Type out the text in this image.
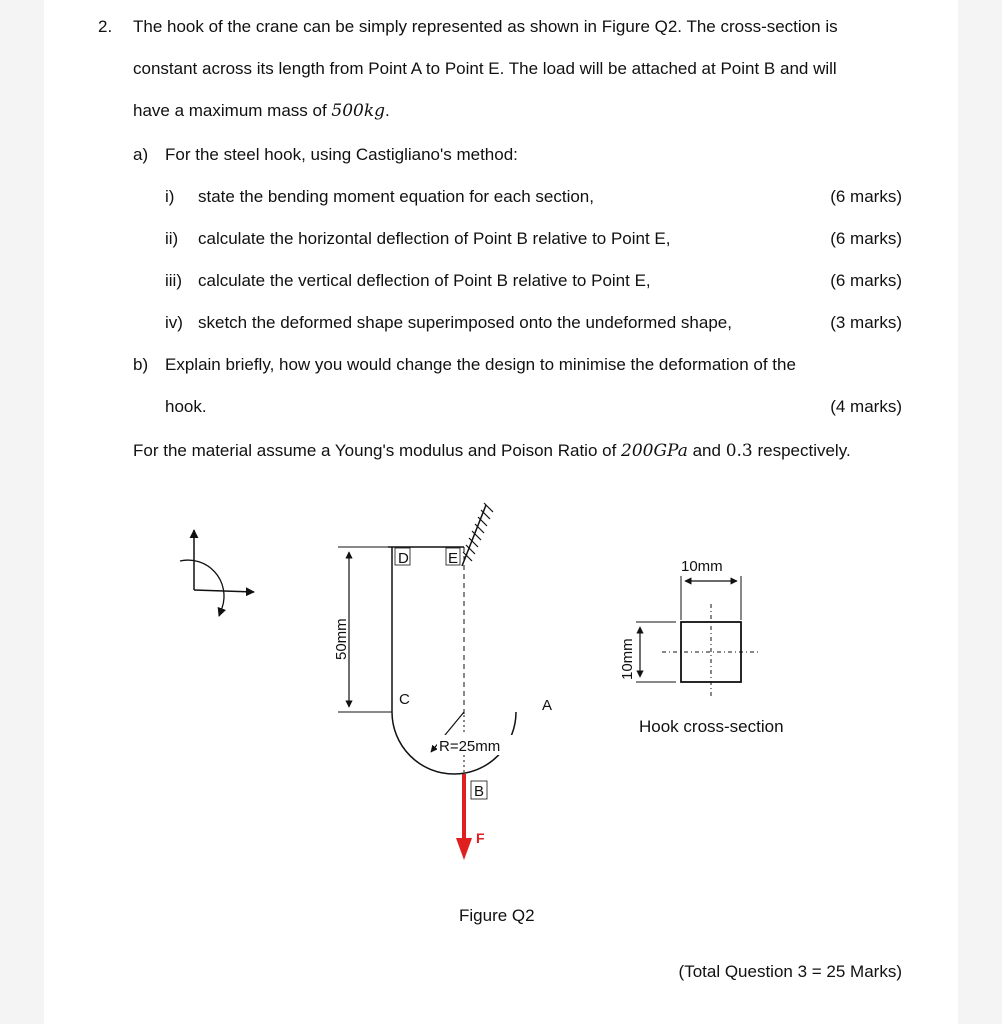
2. The hook of the crane can be simply represented as shown in Figure Q2. The cross-section is
constant across its length from Point A to Point E. The load will be attached at Point B and will
have a maximum mass of 500kg.
a) For the steel hook, using Castigliano's method:
i) state the bending moment equation for each section,	(6 marks)
ii) calculate the horizontal deflection of Point B relative to Point E,	(6 marks)
iii) calculate the vertical deflection of Point B relative to Point E,	(6 marks)
iv) sketch the deformed shape superimposed onto the undeformed shape,	(3 marks)
b) Explain briefly, how you would change the design to minimise the deformation of the
hook.	(4 marks)
For the material assume a Young's modulus and Poison Ratio of 200GPa and 0.3 respectively.
D	E
C	A
50mm
R=25mm
B
F
10mm
10mm
Hook cross-section
Figure Q2
(Total Question 3 = 25 Marks)
